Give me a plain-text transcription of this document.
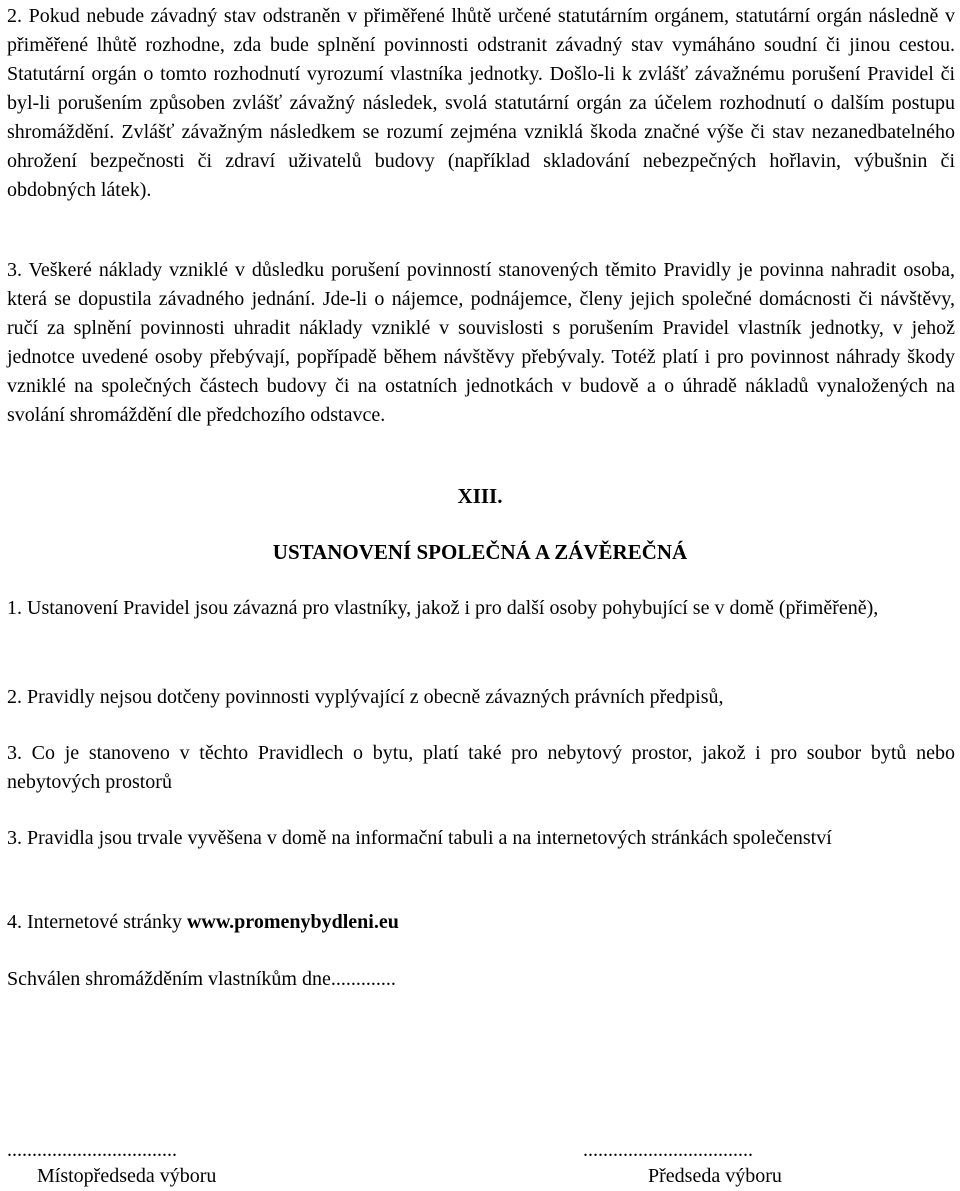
2. Pokud nebude závadný stav odstraněn v přiměřené lhůtě určené statutárním orgánem, statutární orgán následně v přiměřené lhůtě rozhodne, zda bude splnění povinnosti odstranit závadný stav vymáháno soudní či jinou cestou. Statutární orgán o tomto rozhodnutí vyrozumí vlastníka jednotky. Došlo-li k zvlášť závažnému porušení Pravidel či byl-li porušením způsoben zvlášť závažný následek, svolá statutární orgán za účelem rozhodnutí o dalším postupu shromáždění. Zvlášť závažným následkem se rozumí zejména vzniklá škoda značné výše či stav nezanedbatelného ohrožení bezpečnosti či zdraví uživatelů budovy (například skladování nebezpečných hořlavin, výbušnin či obdobných látek).

3. Veškeré náklady vzniklé v důsledku porušení povinností stanovených těmito Pravidly je povinna nahradit osoba, která se dopustila závadného jednání. Jde-li o nájemce, podnájemce, členy jejich společné domácnosti či návštěvy, ručí za splnění povinnosti uhradit náklady vzniklé v souvislosti s porušením Pravidel vlastník jednotky, v jehož jednotce uvedené osoby přebývají, popřípadě během návštěvy přebývaly. Totéž platí i pro povinnost náhrady škody vzniklé na společných částech budovy či na ostatních jednotkách v budově a o úhradě nákladů vynaložených na svolání shromáždění dle předchozího odstavce.

XIII.

USTANOVENÍ SPOLEČNÁ A ZÁVĚREČNÁ

1. Ustanovení Pravidel jsou závazná pro vlastníky, jakož i pro další osoby pohybující se v domě (přiměřeně),

2. Pravidly nejsou dotčeny povinnosti vyplývající z obecně závazných právních předpisů,

3. Co je stanoveno v těchto Pravidlech o bytu, platí také pro nebytový prostor, jakož i pro soubor bytů nebo nebytových prostorů

3. Pravidla jsou trvale vyvěšena v domě na informační tabuli a na internetových stránkách společenství

4. Internetové stránky www.promenybydleni.eu

Schválen shromážděním vlastníkům dne.............

..................................

Místopředseda výboru

..................................

Předseda výboru
